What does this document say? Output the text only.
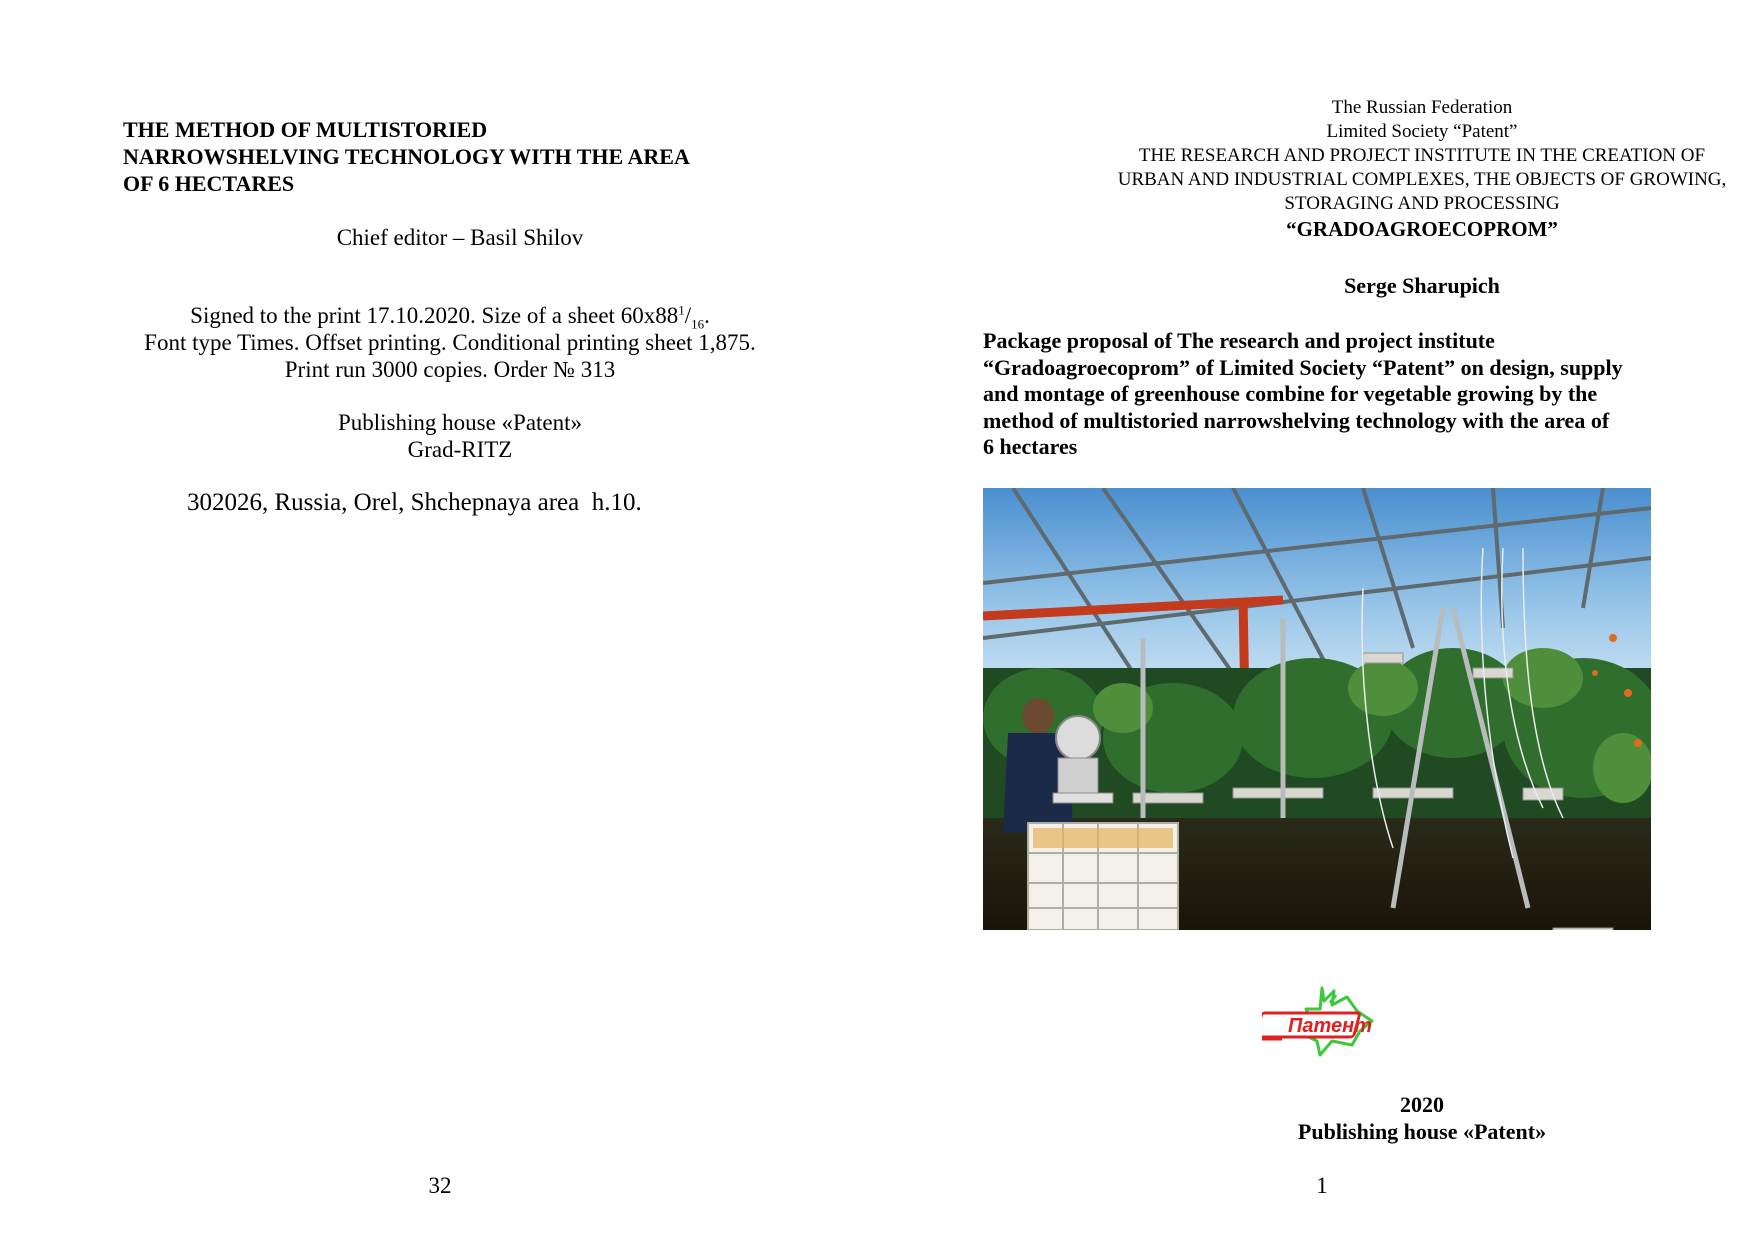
THE METHOD OF MULTISTORIED
NARROWSHELVING TECHNOLOGY WITH THE AREA
OF 6 HECTARES
Chief editor – Basil Shilov
Signed to the print 17.10.2020. Size of a sheet $60x88^1/_{16}$.
Font type Times. Offset printing. Conditional printing sheet 1,875.
Print run 3000 copies. Order № 313
Publishing house «Patent»
Grad-RITZ
302026, Russia, Orel, Shchepnaya area  h.10.
32
The Russian Federation
Limited Society “Patent”
THE RESEARCH AND PROJECT INSTITUTE IN THE CREATION OF
URBAN AND INDUSTRIAL COMPLEXES, THE OBJECTS OF GROWING,
STORAGING AND PROCESSING
“GRADOAGROECOPROM”
Serge Sharupich

Package proposal of The research and project institute
“Gradoagroecoprom” of Limited Society “Patent” on design, supply
and montage of greenhouse combine for vegetable growing by the
method of multistoried narrowshelving technology with the area of
6 hectares

Патент
2020
Publishing house «Patent»
1
